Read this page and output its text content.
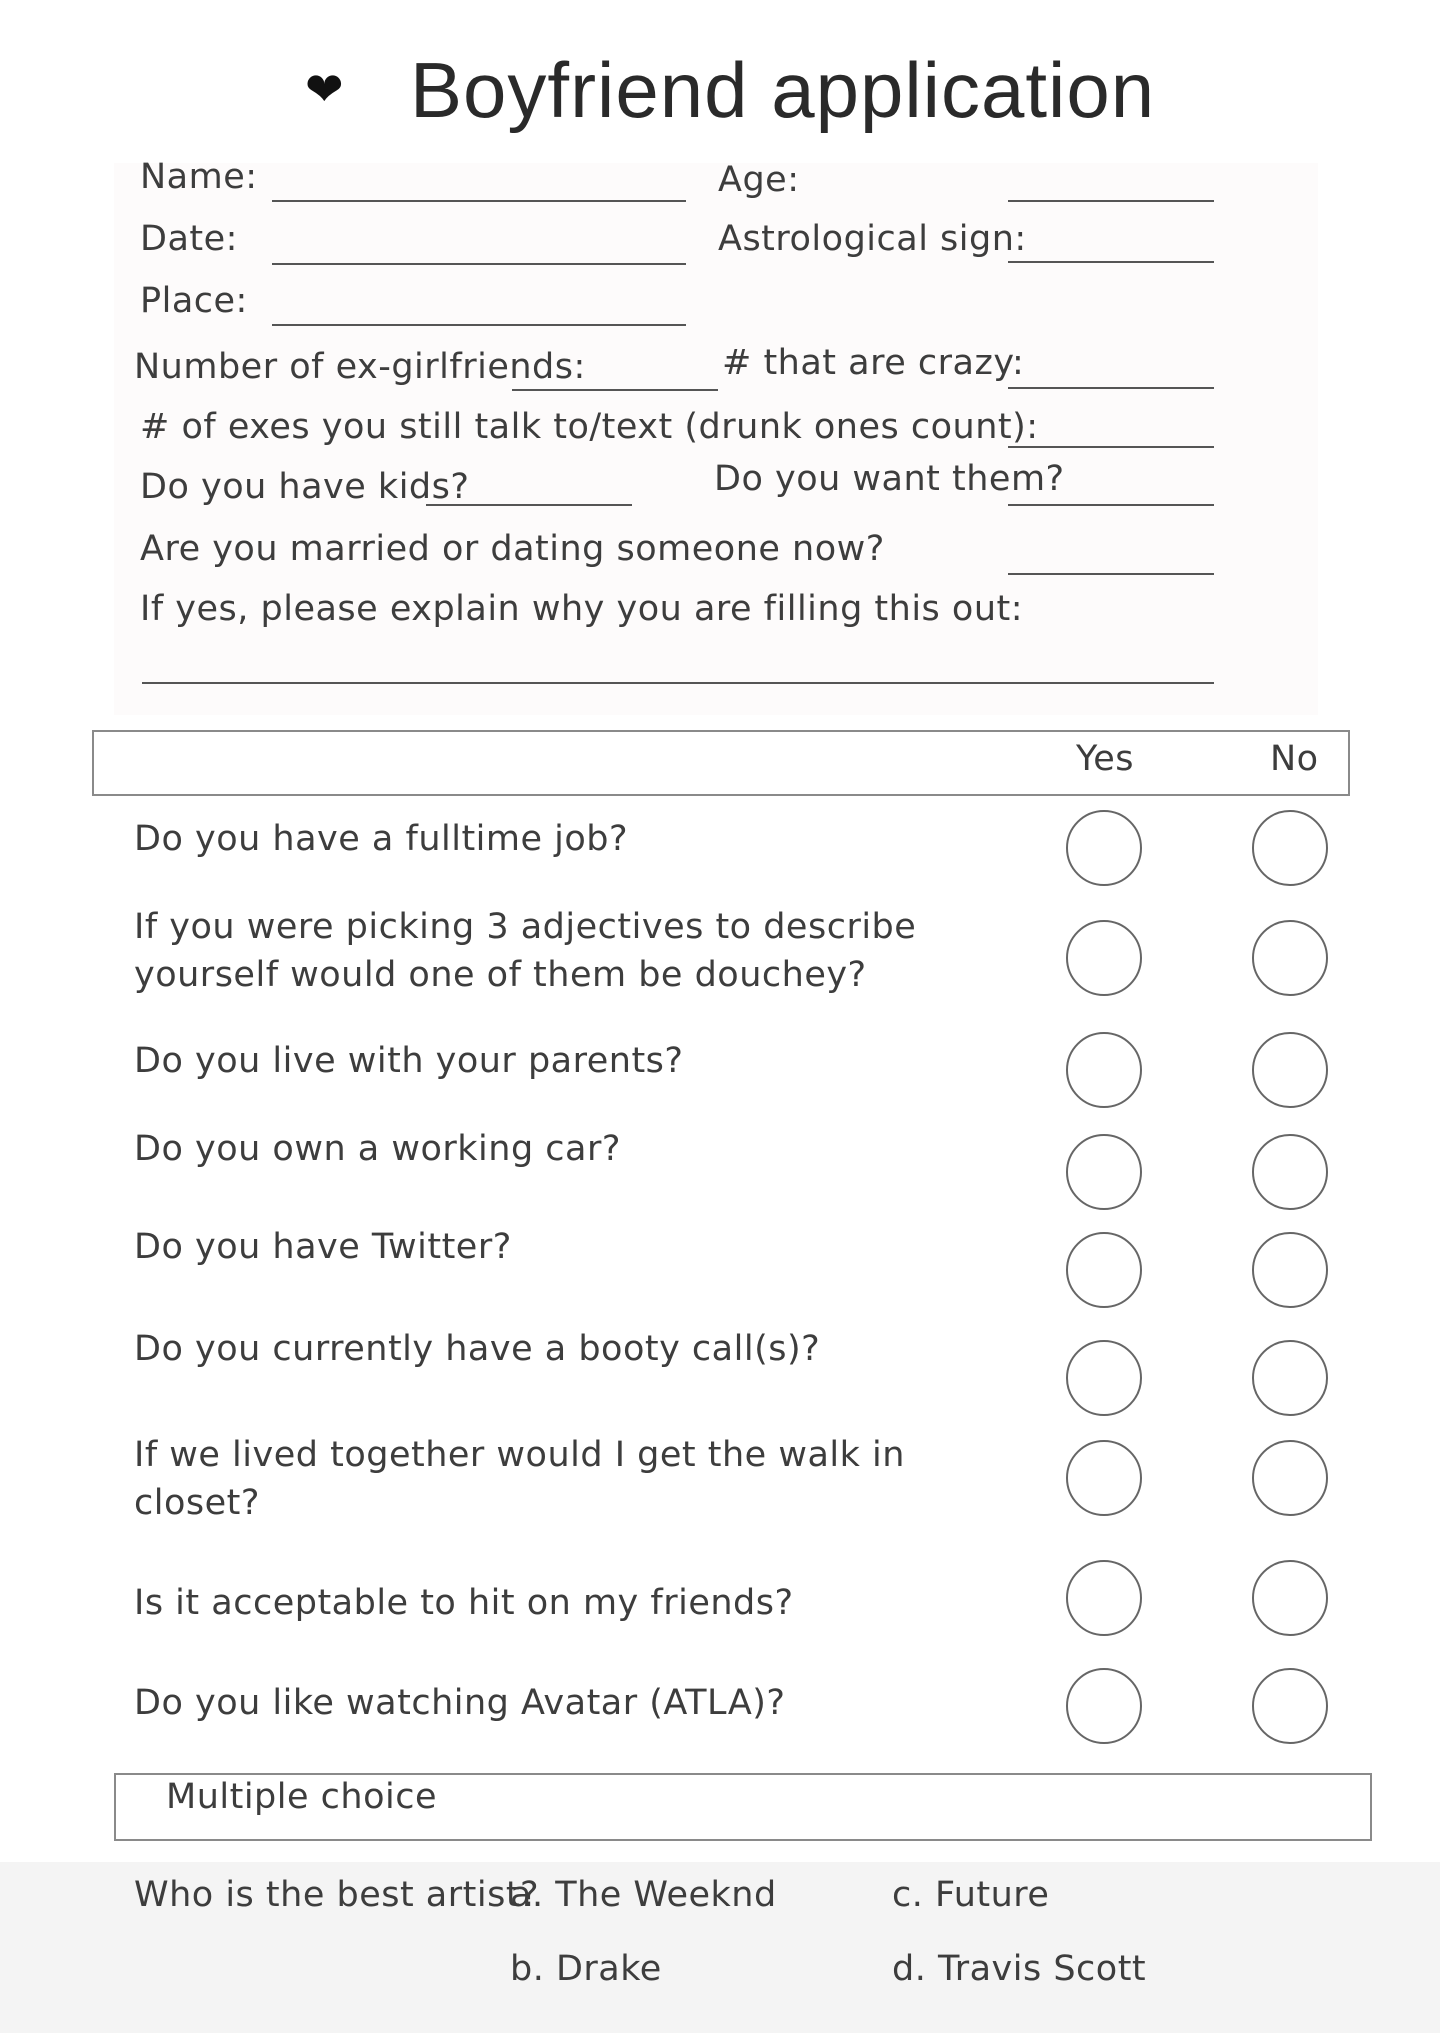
❤ Boyfriend application
Name:	Age:
Date:	Astrological sign:
Place:
Number of ex-girlfriends:	# that are crazy:
# of exes you still talk to/text (drunk ones count):
Do you have kids?	Do you want them?
Are you married or dating someone now?
If yes, please explain why you are filling this out:
Yes	No
Do you have a fulltime job?
If you were picking 3 adjectives to describe
yourself would one of them be douchey?
Do you live with your parents?
Do you own a working car?
Do you have Twitter?
Do you currently have a booty call(s)?
If we lived together would I get the walk in
closet?
Is it acceptable to hit on my friends?
Do you like watching Avatar (ATLA)?
Multiple choice
Who is the best artist?
a. The Weeknd
b. Drake
c. Future
d. Travis Scott
